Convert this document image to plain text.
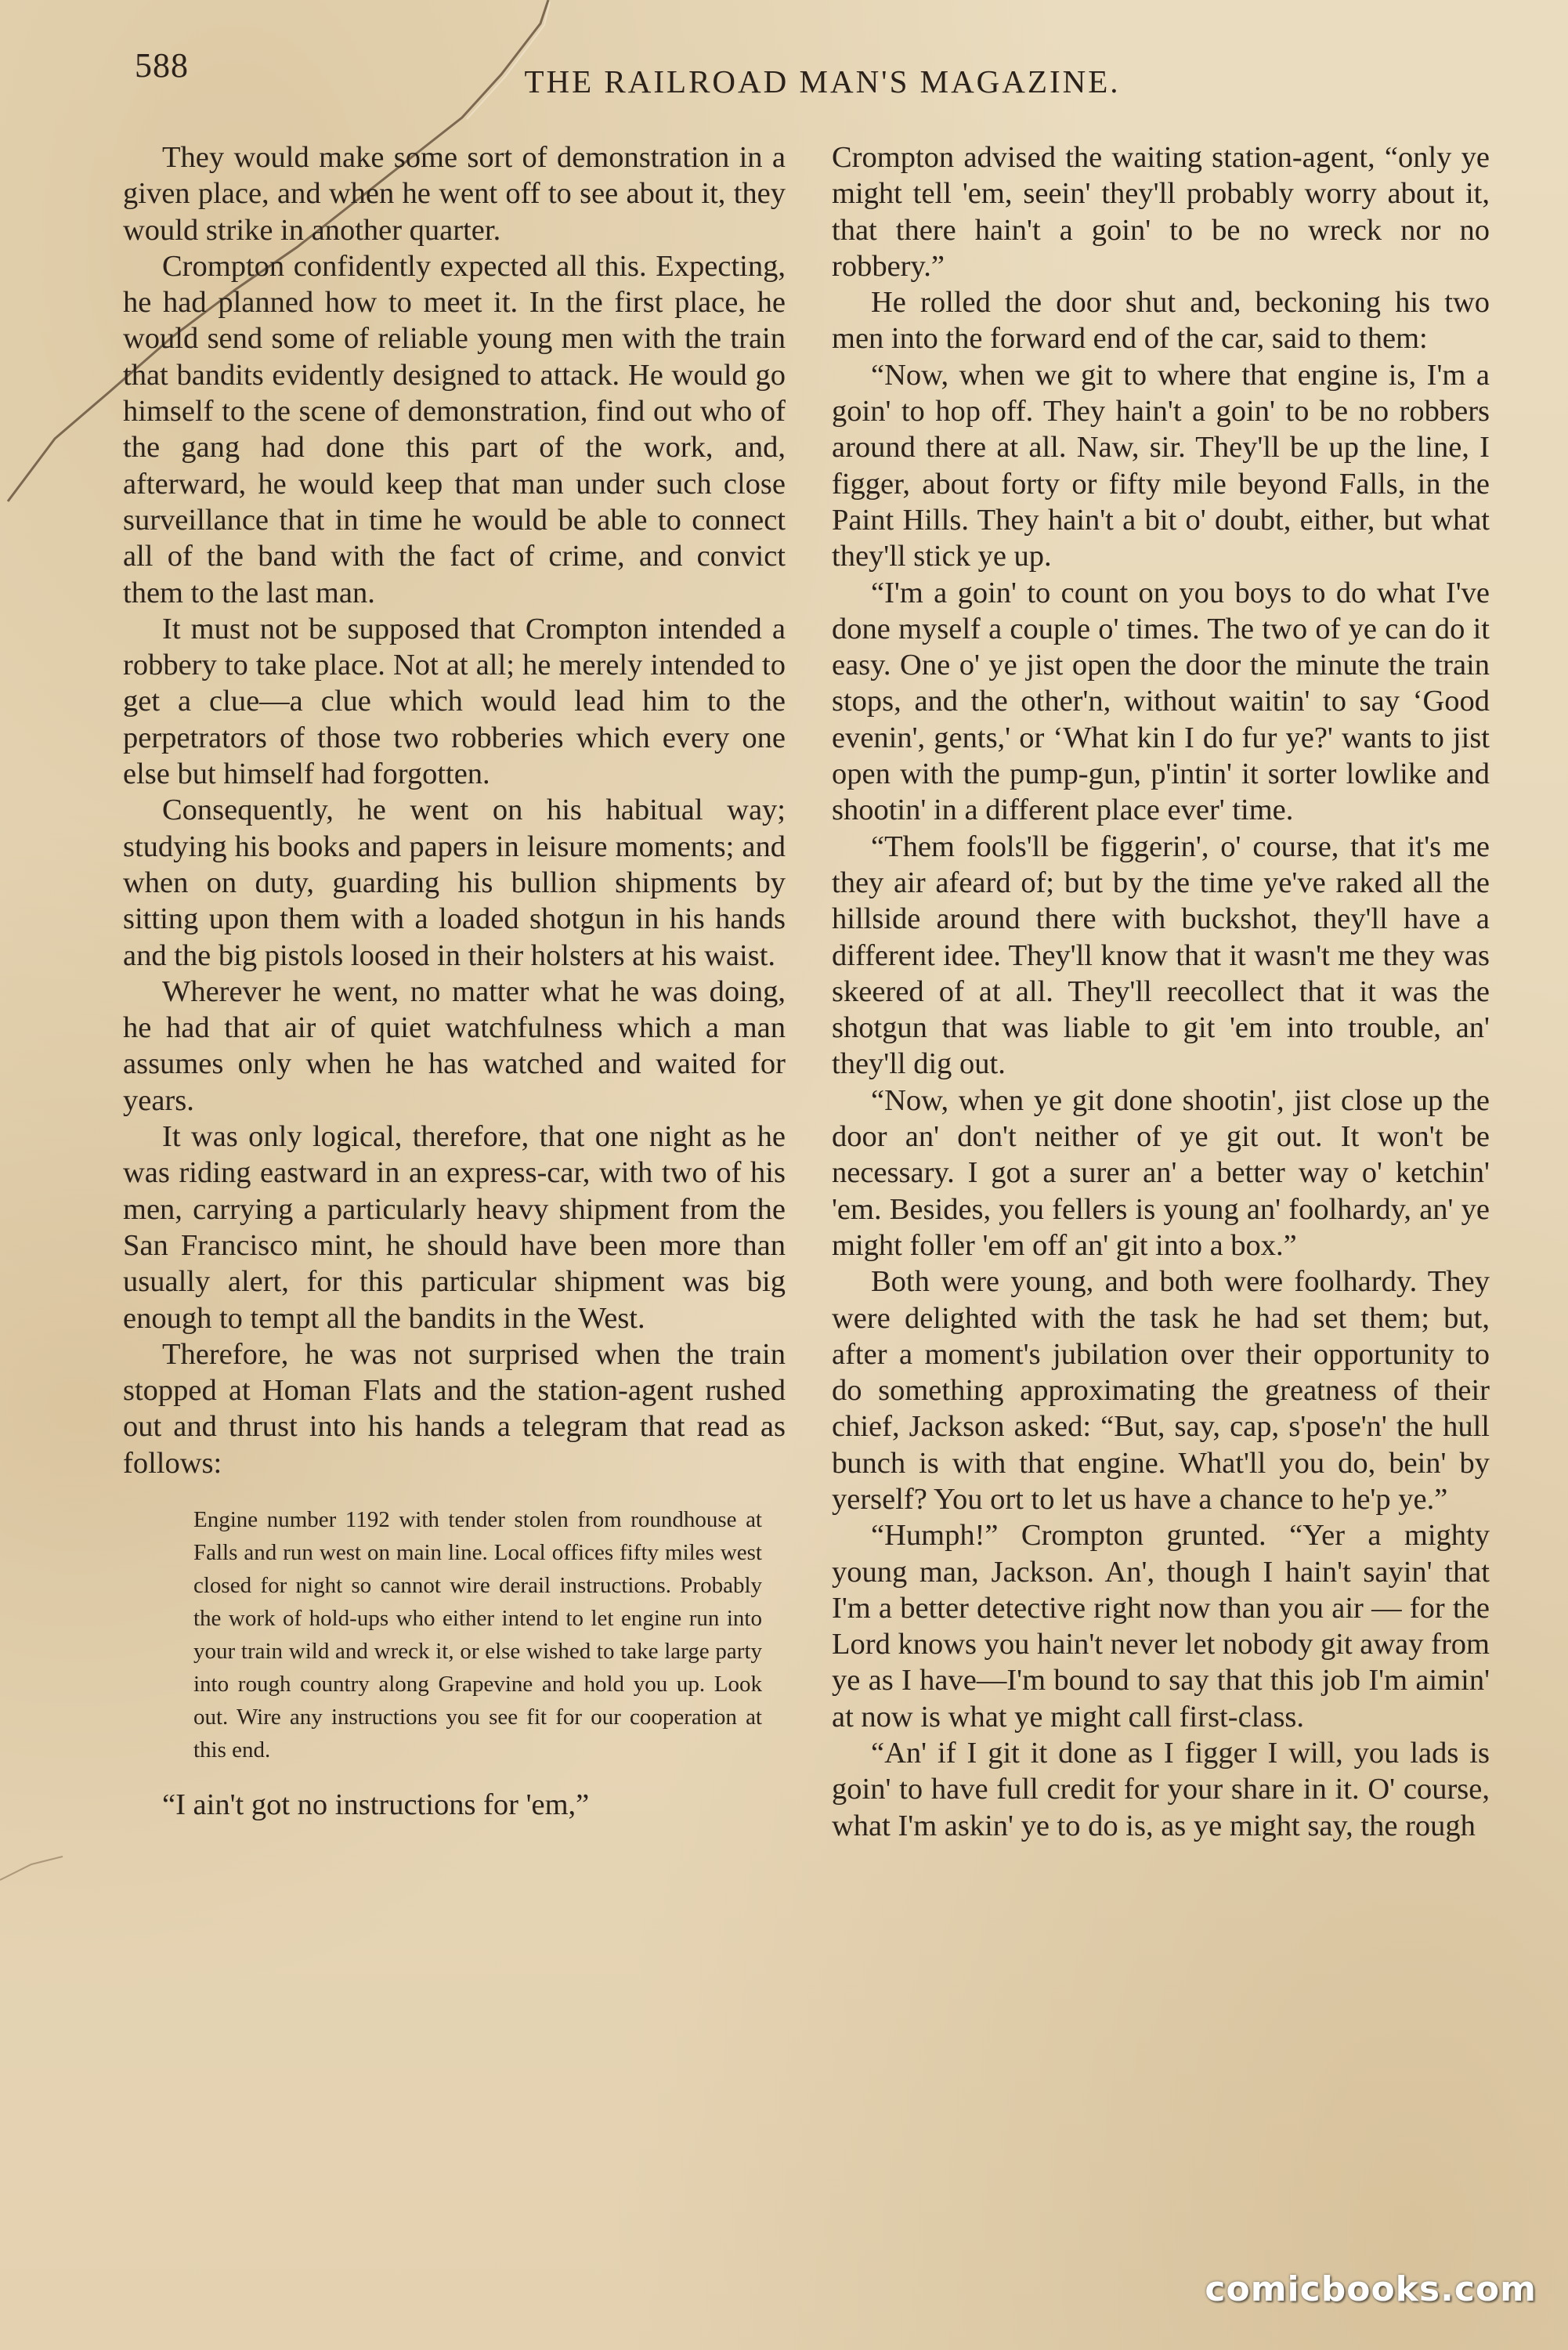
588	THE RAILROAD MAN'S MAGAZINE.

They would make some sort of demonstration in a given place, and when he went off to see about it, they would strike in another quarter.

Crompton confidently expected all this. Expecting, he had planned how to meet it. In the first place, he would send some of reliable young men with the train that bandits evidently designed to attack. He would go himself to the scene of demonstration, find out who of the gang had done this part of the work, and, afterward, he would keep that man under such close surveillance that in time he would be able to connect all of the band with the fact of crime, and convict them to the last man.

It must not be supposed that Crompton intended a robbery to take place. Not at all; he merely intended to get a clue—a clue which would lead him to the perpetrators of those two robberies which every one else but himself had forgotten.

Consequently, he went on his habitual way; studying his books and papers in leisure moments; and when on duty, guarding his bullion shipments by sitting upon them with a loaded shotgun in his hands and the big pistols loosed in their holsters at his waist.

Wherever he went, no matter what he was doing, he had that air of quiet watchfulness which a man assumes only when he has watched and waited for years.

It was only logical, therefore, that one night as he was riding eastward in an express-car, with two of his men, carrying a particularly heavy shipment from the San Francisco mint, he should have been more than usually alert, for this particular shipment was big enough to tempt all the bandits in the West.

Therefore, he was not surprised when the train stopped at Homan Flats and the station-agent rushed out and thrust into his hands a telegram that read as follows:

Engine number 1192 with tender stolen from roundhouse at Falls and run west on main line. Local offices fifty miles west closed for night so cannot wire derail instructions. Probably the work of hold-ups who either intend to let engine run into your train wild and wreck it, or else wished to take large party into rough country along Grapevine and hold you up. Look out. Wire any instructions you see fit for our cooperation at this end.

“I ain't got no instructions for 'em,”

Crompton advised the waiting station-agent, “only ye might tell 'em, seein' they'll probably worry about it, that there hain't a goin' to be no wreck nor no robbery.”

He rolled the door shut and, beckoning his two men into the forward end of the car, said to them:

“Now, when we git to where that engine is, I'm a goin' to hop off. They hain't a goin' to be no robbers around there at all. Naw, sir. They'll be up the line, I figger, about forty or fifty mile beyond Falls, in the Paint Hills. They hain't a bit o' doubt, either, but what they'll stick ye up.

“I'm a goin' to count on you boys to do what I've done myself a couple o' times. The two of ye can do it easy. One o' ye jist open the door the minute the train stops, and the other'n, without waitin' to say ‘Good evenin', gents,' or ‘What kin I do fur ye?' wants to jist open with the pump-gun, p'intin' it sorter lowlike and shootin' in a different place ever' time.

“Them fools'll be figgerin', o' course, that it's me they air afeard of; but by the time ye've raked all the hillside around there with buckshot, they'll have a different idee. They'll know that it wasn't me they was skeered of at all. They'll reecollect that it was the shotgun that was liable to git 'em into trouble, an' they'll dig out.

“Now, when ye git done shootin', jist close up the door an' don't neither of ye git out. It won't be necessary. I got a surer an' a better way o' ketchin' 'em. Besides, you fellers is young an' foolhardy, an' ye might foller 'em off an' git into a box.”

Both were young, and both were foolhardy. They were delighted with the task he had set them; but, after a moment's jubilation over their opportunity to do something approximating the greatness of their chief, Jackson asked: “But, say, cap, s'pose'n' the hull bunch is with that engine. What'll you do, bein' by yerself? You ort to let us have a chance to he'p ye.”

“Humph!” Crompton grunted. “Yer a mighty young man, Jackson. An', though I hain't sayin' that I'm a better detective right now than you air — for the Lord knows you hain't never let nobody git away from ye as I have—I'm bound to say that this job I'm aimin' at now is what ye might call first-class.

“An' if I git it done as I figger I will, you lads is goin' to have full credit for your share in it. O' course, what I'm askin' ye to do is, as ye might say, the rough

comicbooks.com
